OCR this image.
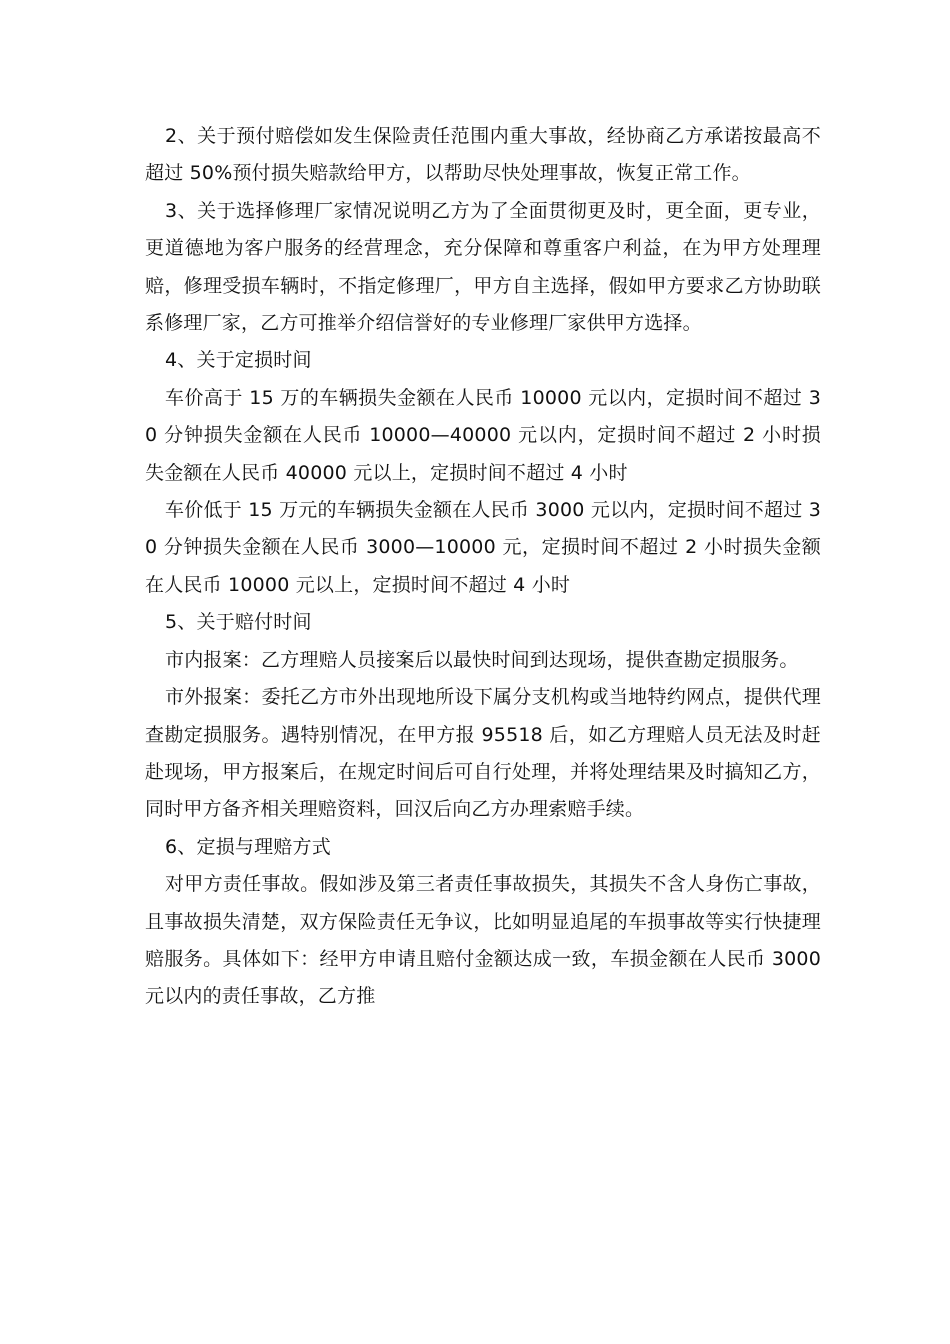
2、关于预付赔偿如发生保险责任范围内重大事故，经协商乙方承诺按最高不超过 50%预付损失赔款给甲方，以帮助尽快处理事故，恢复正常工作。

3、关于选择修理厂家情况说明乙方为了全面贯彻更及时，更全面，更专业，更道德地为客户服务的经营理念，充分保障和尊重客户利益，在为甲方处理理赔，修理受损车辆时，不指定修理厂，甲方自主选择，假如甲方要求乙方协助联系修理厂家，乙方可推举介绍信誉好的专业修理厂家供甲方选择。

4、关于定损时间

车价高于 15 万的车辆损失金额在人民币 10000 元以内，定损时间不超过 30 分钟损失金额在人民币 10000—40000 元以内，定损时间不超过 2 小时损失金额在人民币 40000 元以上，定损时间不超过 4 小时

车价低于 15 万元的车辆损失金额在人民币 3000 元以内，定损时间不超过 30 分钟损失金额在人民币 3000—10000 元，定损时间不超过 2 小时损失金额在人民币 10000 元以上，定损时间不超过 4 小时

5、关于赔付时间

市内报案：乙方理赔人员接案后以最快时间到达现场，提供查勘定损服务。

市外报案：委托乙方市外出现地所设下属分支机构或当地特约网点，提供代理查勘定损服务。遇特别情况，在甲方报 95518 后，如乙方理赔人员无法及时赶赴现场，甲方报案后，在规定时间后可自行处理，并将处理结果及时搞知乙方，同时甲方备齐相关理赔资料，回汉后向乙方办理索赔手续。

6、定损与理赔方式

对甲方责任事故。假如涉及第三者责任事故损失，其损失不含人身伤亡事故，且事故损失清楚，双方保险责任无争议，比如明显追尾的车损事故等实行快捷理赔服务。具体如下：经甲方申请且赔付金额达成一致，车损金额在人民币 3000 元以内的责任事故，乙方推
